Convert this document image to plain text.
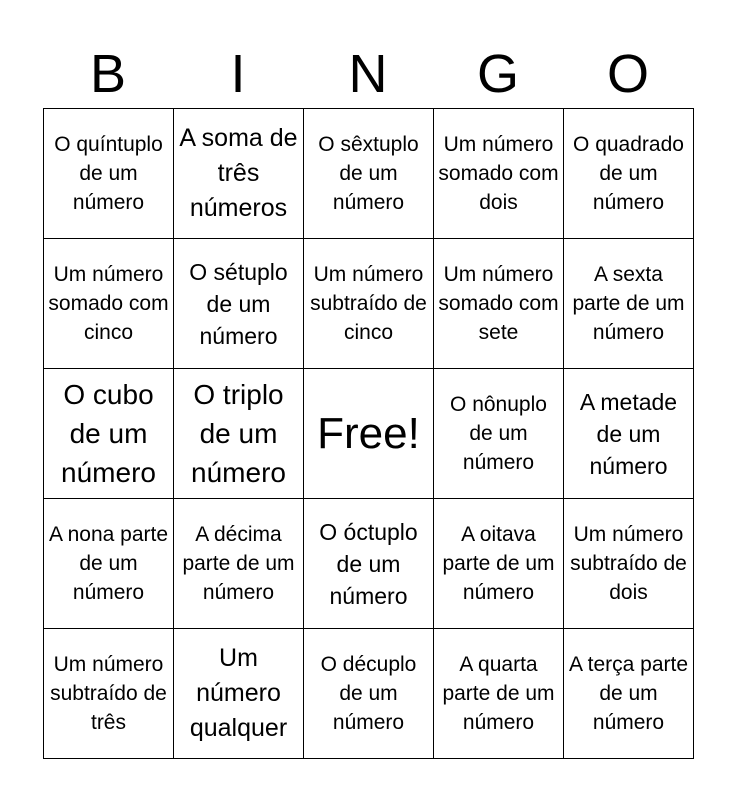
B	I	N	G	O
O quíntuplo de um número	A soma de três números	O sêxtuplo de um número	Um número somado com dois	O quadrado de um número
Um número somado com cinco	O sétuplo de um número	Um número subtraído de cinco	Um número somado com sete	A sexta parte de um número
O cubo de um número	O triplo de um número	Free!	O nônuplo de um número	A metade de um número
A nona parte de um número	A décima parte de um número	O óctuplo de um número	A oitava parte de um número	Um número subtraído de dois
Um número subtraído de três	Um número qualquer	O décuplo de um número	A quarta parte de um número	A terça parte de um número
